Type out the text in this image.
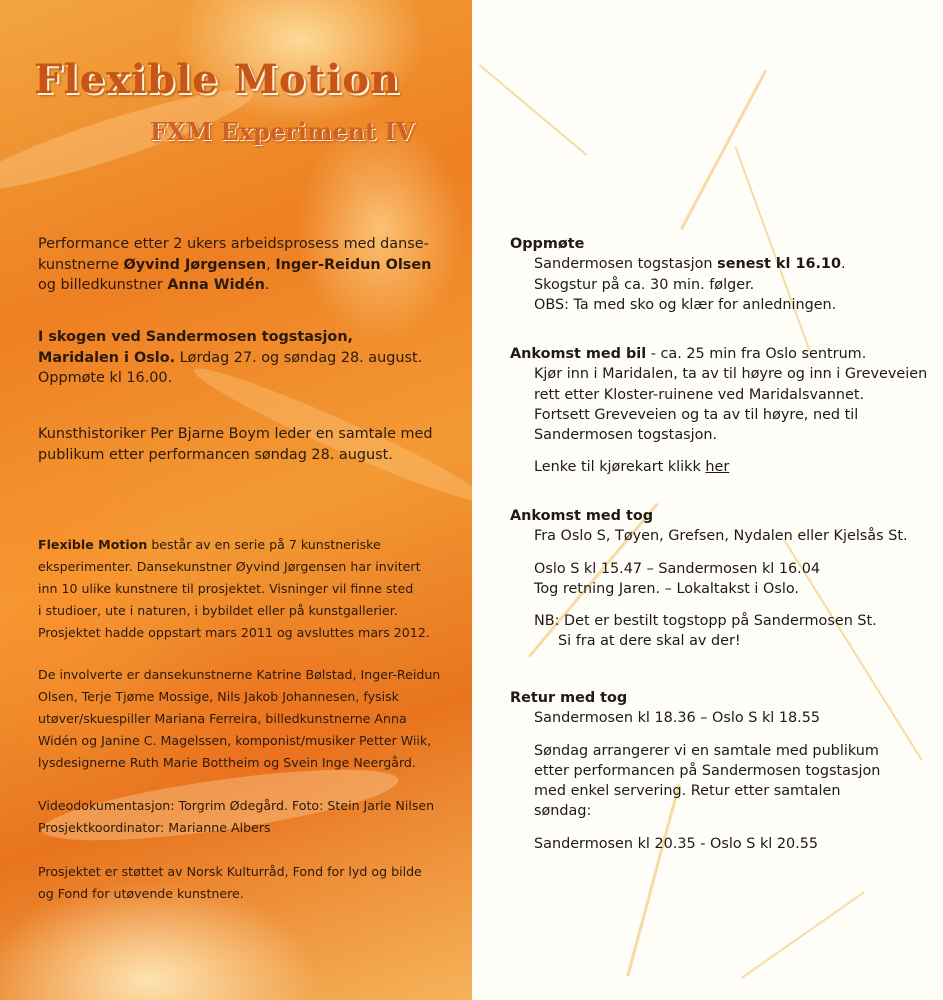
Flexible Motion
FXM Experiment IV

Performance etter 2 ukers arbeidsprosess med danse-

kunstnerne Øyvind Jørgensen, Inger-Reidun Olsen

og billedkunstner Anna Widén.

I skogen ved Sandermosen togstasjon,

Maridalen i Oslo. Lørdag 27. og søndag 28. august.

Oppmøte kl 16.00.

Kunsthistoriker Per Bjarne Boym leder en samtale med

publikum etter performancen søndag 28. august.

Flexible Motion består av en serie på 7 kunstneriske

eksperimenter. Dansekunstner Øyvind Jørgensen har invitert

inn 10 ulike kunstnere til prosjektet. Visninger vil finne sted

i studioer, ute i naturen, i bybildet eller på kunstgallerier.

Prosjektet hadde oppstart mars 2011 og avsluttes mars 2012.

De involverte er dansekunstnerne Katrine Bølstad, Inger-Reidun

Olsen, Terje Tjøme Mossige, Nils Jakob Johannesen, fysisk

utøver/skuespiller Mariana Ferreira, billedkunstnerne Anna

Widén og Janine C. Magelssen, komponist/musiker Petter Wiik,

lysdesignerne Ruth Marie Bottheim og Svein Inge Neergård.

Videodokumentasjon: Torgrim Ødegård. Foto: Stein Jarle Nilsen

Prosjektkoordinator: Marianne Albers

Prosjektet er støttet av Norsk Kulturråd, Fond for lyd og bilde

og Fond for utøvende kunstnere.

Oppmøte

Sandermosen togstasjon senest kl 16.10.

Skogstur på ca. 30 min. følger.

OBS: Ta med sko og klær for anledningen.

Ankomst med bil - ca. 25 min fra Oslo sentrum.

Kjør inn i Maridalen, ta av til høyre og inn i Greveveien

rett etter Kloster-ruinene ved Maridalsvannet.

Fortsett Greveveien og ta av til høyre, ned til

Sandermosen togstasjon.

Lenke til kjørekart klikk her

Ankomst med tog

Fra Oslo S, Tøyen, Grefsen, Nydalen eller Kjelsås St.

Oslo S kl 15.47 – Sandermosen kl 16.04

Tog retning Jaren. – Lokaltakst i Oslo.

NB: Det er bestilt togstopp på Sandermosen St.

Si fra at dere skal av der!

Retur med tog

Sandermosen kl 18.36 – Oslo S kl 18.55

Søndag arrangerer vi en samtale med publikum

etter performancen på Sandermosen togstasjon

med enkel servering. Retur etter samtalen

søndag:

Sandermosen kl 20.35 - Oslo S kl 20.55
